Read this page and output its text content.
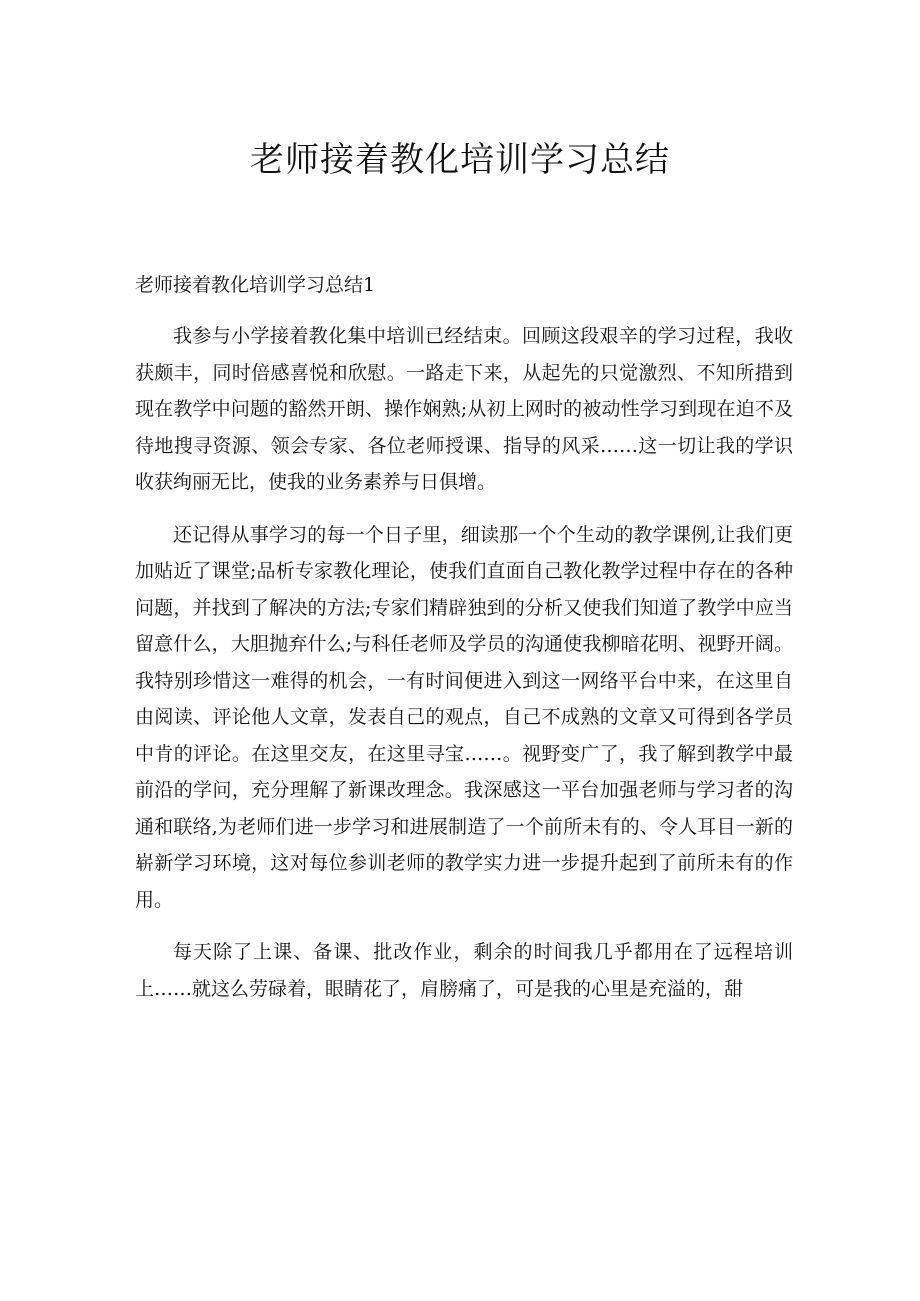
老师接着教化培训学习总结

老师接着教化培训学习总结1

我参与小学接着教化集中培训已经结束。回顾这段艰辛的学习过程，我收获颇丰，同时倍感喜悦和欣慰。一路走下来，从起先的只觉激烈、不知所措到现在教学中问题的豁然开朗、操作娴熟;从初上网时的被动性学习到现在迫不及待地搜寻资源、领会专家、各位老师授课、指导的风采……这一切让我的学识收获绚丽无比，使我的业务素养与日俱增。

还记得从事学习的每一个日子里，细读那一个个生动的教学课例,让我们更加贴近了课堂;品析专家教化理论，使我们直面自己教化教学过程中存在的各种问题，并找到了解决的方法;专家们精辟独到的分析又使我们知道了教学中应当留意什么，大胆抛弃什么;与科任老师及学员的沟通使我柳暗花明、视野开阔。我特别珍惜这一难得的机会，一有时间便进入到这一网络平台中来，在这里自由阅读、评论他人文章，发表自己的观点，自己不成熟的文章又可得到各学员中肯的评论。在这里交友，在这里寻宝……。视野变广了，我了解到教学中最前沿的学问，充分理解了新课改理念。我深感这一平台加强老师与学习者的沟通和联络,为老师们进一步学习和进展制造了一个前所未有的、令人耳目一新的崭新学习环境，这对每位参训老师的教学实力进一步提升起到了前所未有的作用。

每天除了上课、备课、批改作业，剩余的时间我几乎都用在了远程培训上……就这么劳碌着，眼睛花了，肩膀痛了，可是我的心里是充溢的，甜
